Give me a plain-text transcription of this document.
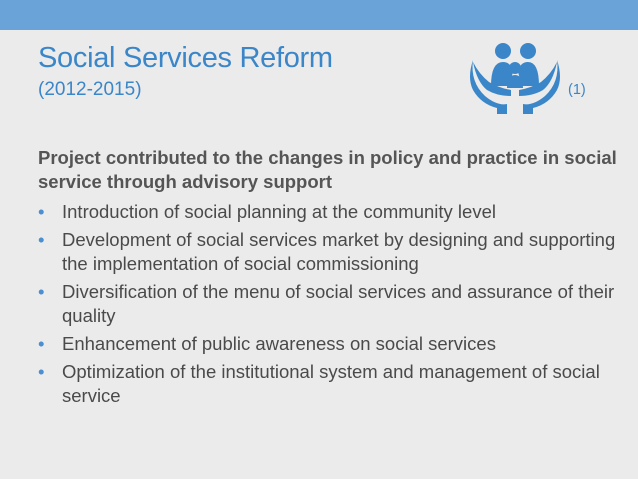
Social Services Reform
(2012-2015)	(1)

Project contributed to the changes in policy and practice in social service through advisory support

• Introduction of social planning at the community level
• Development of social services market by designing and supporting the implementation of social commissioning
• Diversification of the menu of social services and assurance of their quality
• Enhancement of public awareness on social services
• Optimization of the institutional system and management of social service
